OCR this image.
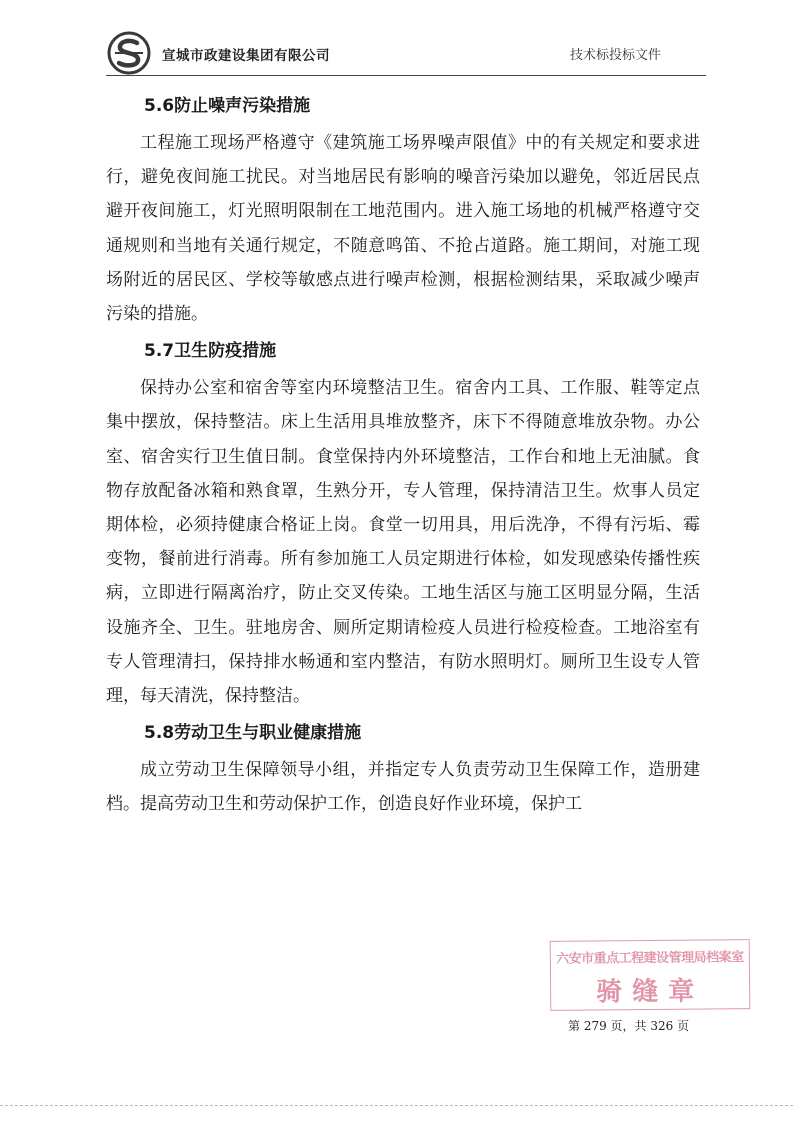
宣城市政建设集团有限公司	技术标投标文件
5.6防止噪声污染措施

工程施工现场严格遵守《建筑施工场界噪声限值》中的有关规定和要求进行，避免夜间施工扰民。对当地居民有影响的噪音污染加以避免，邻近居民点避开夜间施工，灯光照明限制在工地范围内。进入施工场地的机械严格遵守交通规则和当地有关通行规定，不随意鸣笛、不抢占道路。施工期间，对施工现场附近的居民区、学校等敏感点进行噪声检测，根据检测结果，采取减少噪声污染的措施。

5.7卫生防疫措施

保持办公室和宿舍等室内环境整洁卫生。宿舍内工具、工作服、鞋等定点集中摆放，保持整洁。床上生活用具堆放整齐，床下不得随意堆放杂物。办公室、宿舍实行卫生值日制。食堂保持内外环境整洁，工作台和地上无油腻。食物存放配备冰箱和熟食罩，生熟分开，专人管理，保持清洁卫生。炊事人员定期体检，必须持健康合格证上岗。食堂一切用具，用后洗净，不得有污垢、霉变物，餐前进行消毒。所有参加施工人员定期进行体检，如发现感染传播性疾病，立即进行隔离治疗，防止交叉传染。工地生活区与施工区明显分隔，生活设施齐全、卫生。驻地房舍、厕所定期请检疫人员进行检疫检查。工地浴室有专人管理清扫，保持排水畅通和室内整洁，有防水照明灯。厕所卫生设专人管理，每天清洗，保持整洁。

5.8劳动卫生与职业健康措施

成立劳动卫生保障领导小组，并指定专人负责劳动卫生保障工作，造册建档。提高劳动卫生和劳动保护工作，创造良好作业环境，保护工

六安市重点工程建设管理局档案室
骑缝章
第 279 页，共 326 页
